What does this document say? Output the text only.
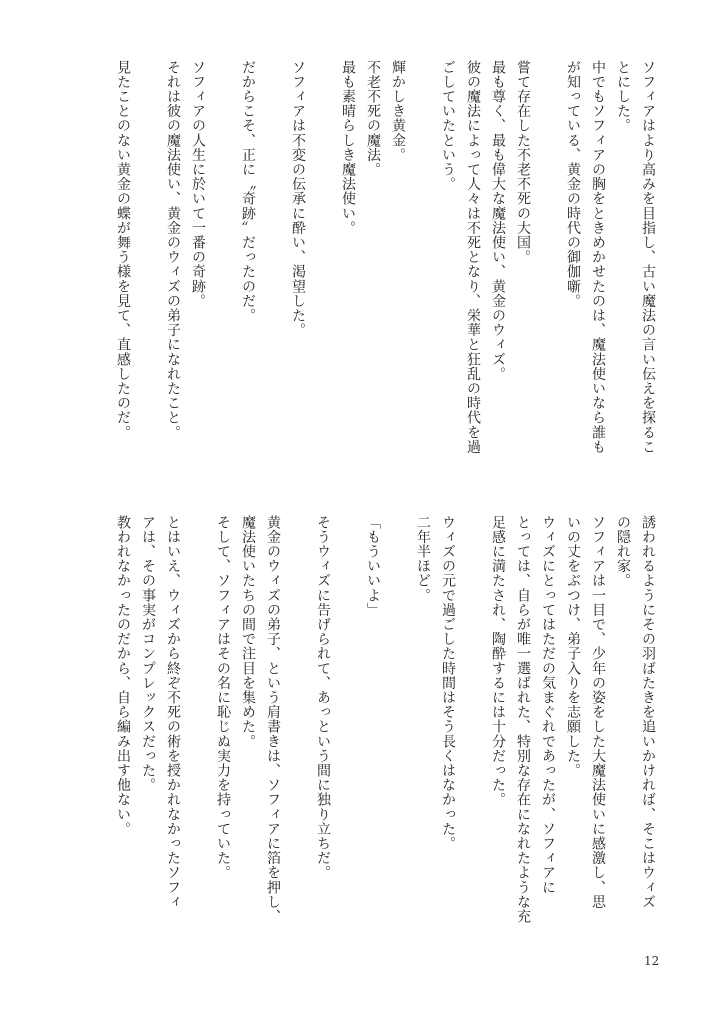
ソフィアはより高みを目指し、古い魔法の言い伝えを探るこ
とにした。
中でもソフィアの胸をときめかせたのは、魔法使いなら誰も
が知っている、黄金の時代の御伽噺。

嘗て存在した不老不死の大国。
最も尊く、最も偉大な魔法使い、黄金のウィズ。
彼の魔法によって人々は不死となり、栄華と狂乱の時代を過
ごしていたという。

輝かしき黄金。
不老不死の魔法。
最も素晴らしき魔法使い。

ソフィアは不変の伝承に酔い、渇望した。

だからこそ、正に〝奇跡〟だったのだ。

ソフィアの人生に於いて一番の奇跡。
それは彼の魔法使い、黄金のウィズの弟子になれたこと。

見たことのない黄金の蝶が舞う様を見て、直感したのだ。
誘われるようにその羽ばたきを追いかければ、そこはウィズ
の隠れ家。
ソフィアは一目で、少年の姿をした大魔法使いに感激し、思
いの丈をぶつけ、弟子入りを志願した。
ウィズにとってはただの気まぐれであったが、ソフィアに
とっては、自らが唯一選ばれた、特別な存在になれたような充
足感に満たされ、陶酔するには十分だった。

ウィズの元で過ごした時間はそう長くはなかった。
二年半ほど。

「もういいよ」

そうウィズに告げられて、あっという間に独り立ちだ。

黄金のウィズの弟子、という肩書きは、ソフィアに箔を押し、
魔法使いたちの間で注目を集めた。
そして、ソフィアはその名に恥じぬ実力を持っていた。

とはいえ、ウィズから終ぞ不死の術を授かれなかったソフィ
アは、その事実がコンプレックスだった。
教われなかったのだから、自ら編み出す他ない。
12
